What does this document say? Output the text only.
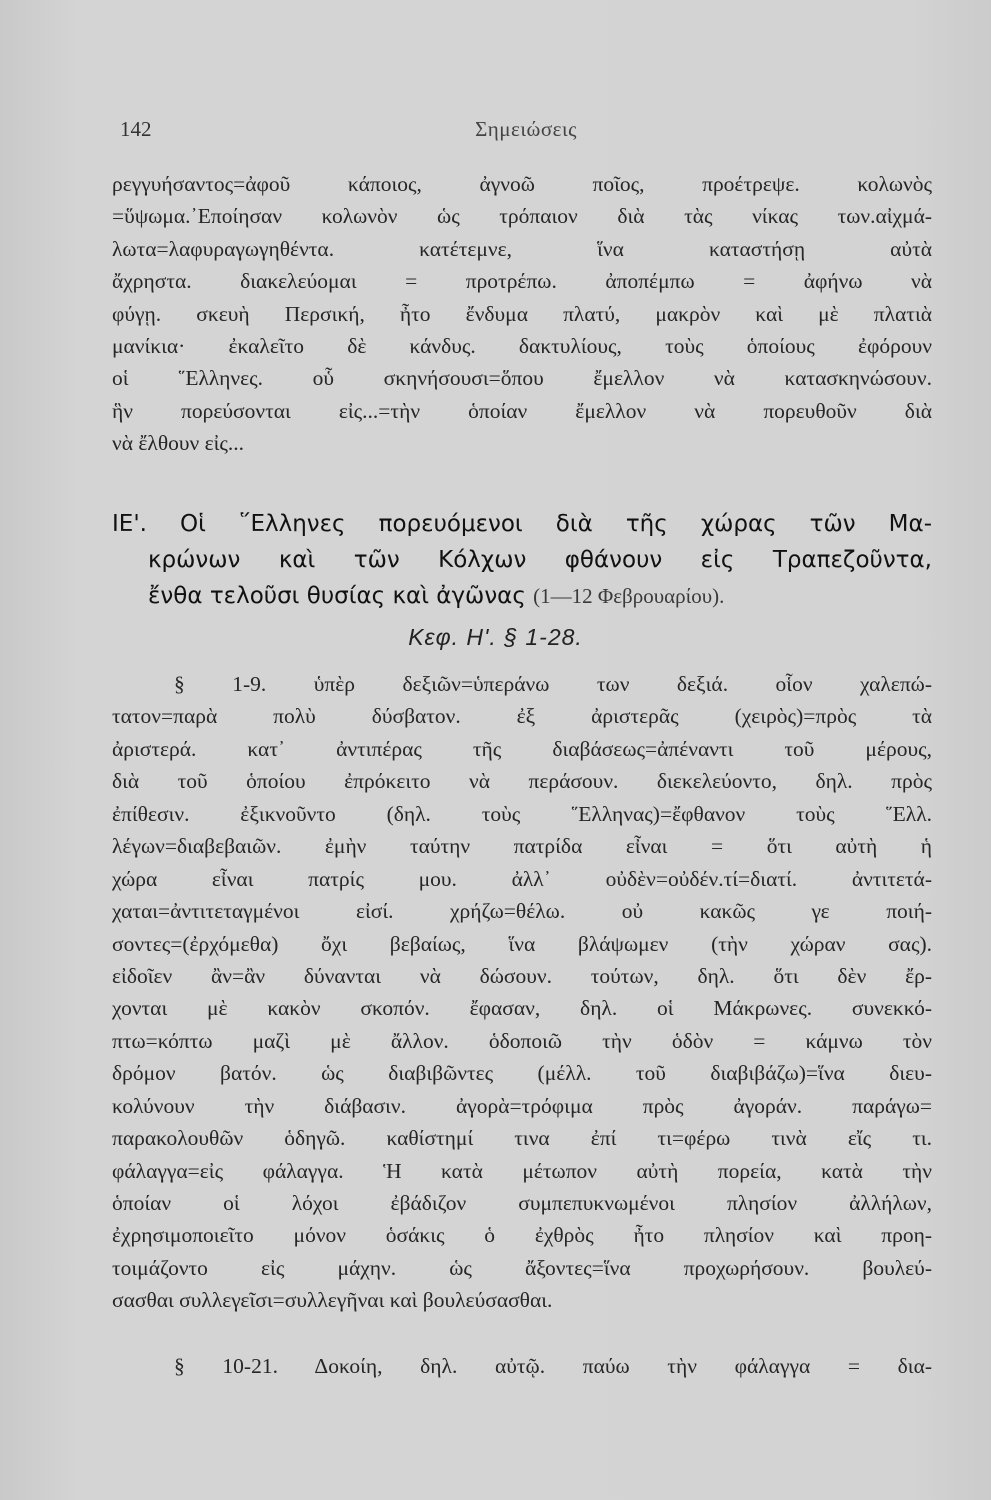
142	Σημειώσεις
ρεγγυήσαντος=ἀφοῦ κάποιος, ἀγνοῶ ποῖος, προέτρεψε. κολωνὸς
=ὕψωμα.᾿Εποίησαν κολωνὸν ὡς τρόπαιον διὰ τὰς νίκας των.αἰχμά-
λωτα=λαφυραγωγηθέντα. κατέτεμνε, ἵνα καταστήσῃ αὐτὰ
ἄχρηστα. διακελεύομαι = προτρέπω. ἀποπέμπω = ἀφήνω νὰ
φύγῃ. σκευὴ Περσική, ἦτο ἔνδυμα πλατύ, μακρὸν καὶ μὲ πλατιὰ
μανίκια· ἐκαλεῖτο δὲ κάνδυς. δακτυλίους, τοὺς ὁποίους ἐφόρουν
οἱ ῞Ελληνες. οὗ σκηνήσουσι=ὅπου ἔμελλον νὰ κατασκηνώσουν.
ἣν πορεύσονται εἰς...=τὴν ὁποίαν ἔμελλον νὰ πορευθοῦν διὰ
νὰ ἔλθουν εἰς...
ΙΕ'. Οἱ ῞Ελληνες πορευόμενοι διὰ τῆς χώρας τῶν Μα-
κρώνων καὶ τῶν Κόλχων φθάνουν εἰς Τραπεζοῦντα,
ἔνθα τελοῦσι θυσίας καὶ ἀγῶνας (1—12 Φεβρουαρίου).
Κεφ. Η'. § 1-28.
§ 1-9. ὑπὲρ δεξιῶν=ὑπεράνω των δεξιά. οἷον χαλεπώ-
τατον=παρὰ πολὺ δύσβατον. ἐξ ἀριστερᾶς (χειρὸς)=πρὸς τὰ
ἀριστερά. κατ᾿ ἀντιπέρας τῆς διαβάσεως=ἀπέναντι τοῦ μέρους,
διὰ τοῦ ὁποίου ἐπρόκειτο νὰ περάσουν. διεκελεύοντο, δηλ. πρὸς
ἐπίθεσιν. ἐξικνοῦντο (δηλ. τοὺς ῞Ελληνας)=ἔφθανον τοὺς ῞Ελλ.
λέγων=διαβεβαιῶν. ἐμὴν ταύτην πατρίδα εἶναι = ὅτι αὐτὴ ἡ
χώρα εἶναι πατρίς μου. ἀλλ᾿ οὐδὲν=οὐδέν.τί=διατί. ἀντιτετά-
χαται=ἀντιτεταγμένοι εἰσί. χρήζω=θέλω. οὐ κακῶς γε ποιή-
σοντες=(ἐρχόμεθα) ὄχι βεβαίως, ἵνα βλάψωμεν (τὴν χώραν σας).
εἰδοῖεν ἂν=ἂν δύνανται νὰ δώσουν. τούτων, δηλ. ὅτι δὲν ἔρ-
χονται μὲ κακὸν σκοπόν. ἔφασαν, δηλ. οἱ Μάκρωνες. συνεκκό-
πτω=κόπτω μαζὶ μὲ ἄλλον. ὁδοποιῶ τὴν ὁδὸν = κάμνω τὸν
δρόμον βατόν. ὡς διαβιβῶντες (μέλλ. τοῦ διαβιβάζω)=ἵνα διευ-
κολύνουν τὴν διάβασιν. ἀγορὰ=τρόφιμα πρὸς ἀγοράν. παράγω=
παρακολουθῶν ὁδηγῶ. καθίστημί τινα ἐπί τι=φέρω τινὰ εἴς τι.
φάλαγγα=εἰς φάλαγγα. Ἡ κατὰ μέτωπον αὐτὴ πορεία, κατὰ τὴν
ὁποίαν οἱ λόχοι ἐβάδιζον συμπεπυκνωμένοι πλησίον ἀλλήλων,
ἐχρησιμοποιεῖτο μόνον ὁσάκις ὁ ἐχθρὸς ἦτο πλησίον καὶ προη-
τοιμάζοντο εἰς μάχην. ὡς ἄξοντες=ἵνα προχωρήσουν. βουλεύ-
σασθαι συλλεγεῖσι=συλλεγῆναι καὶ βουλεύσασθαι.
§ 10-21. Δοκοίη, δηλ. αὐτῷ. παύω τὴν φάλαγγα = δια-
